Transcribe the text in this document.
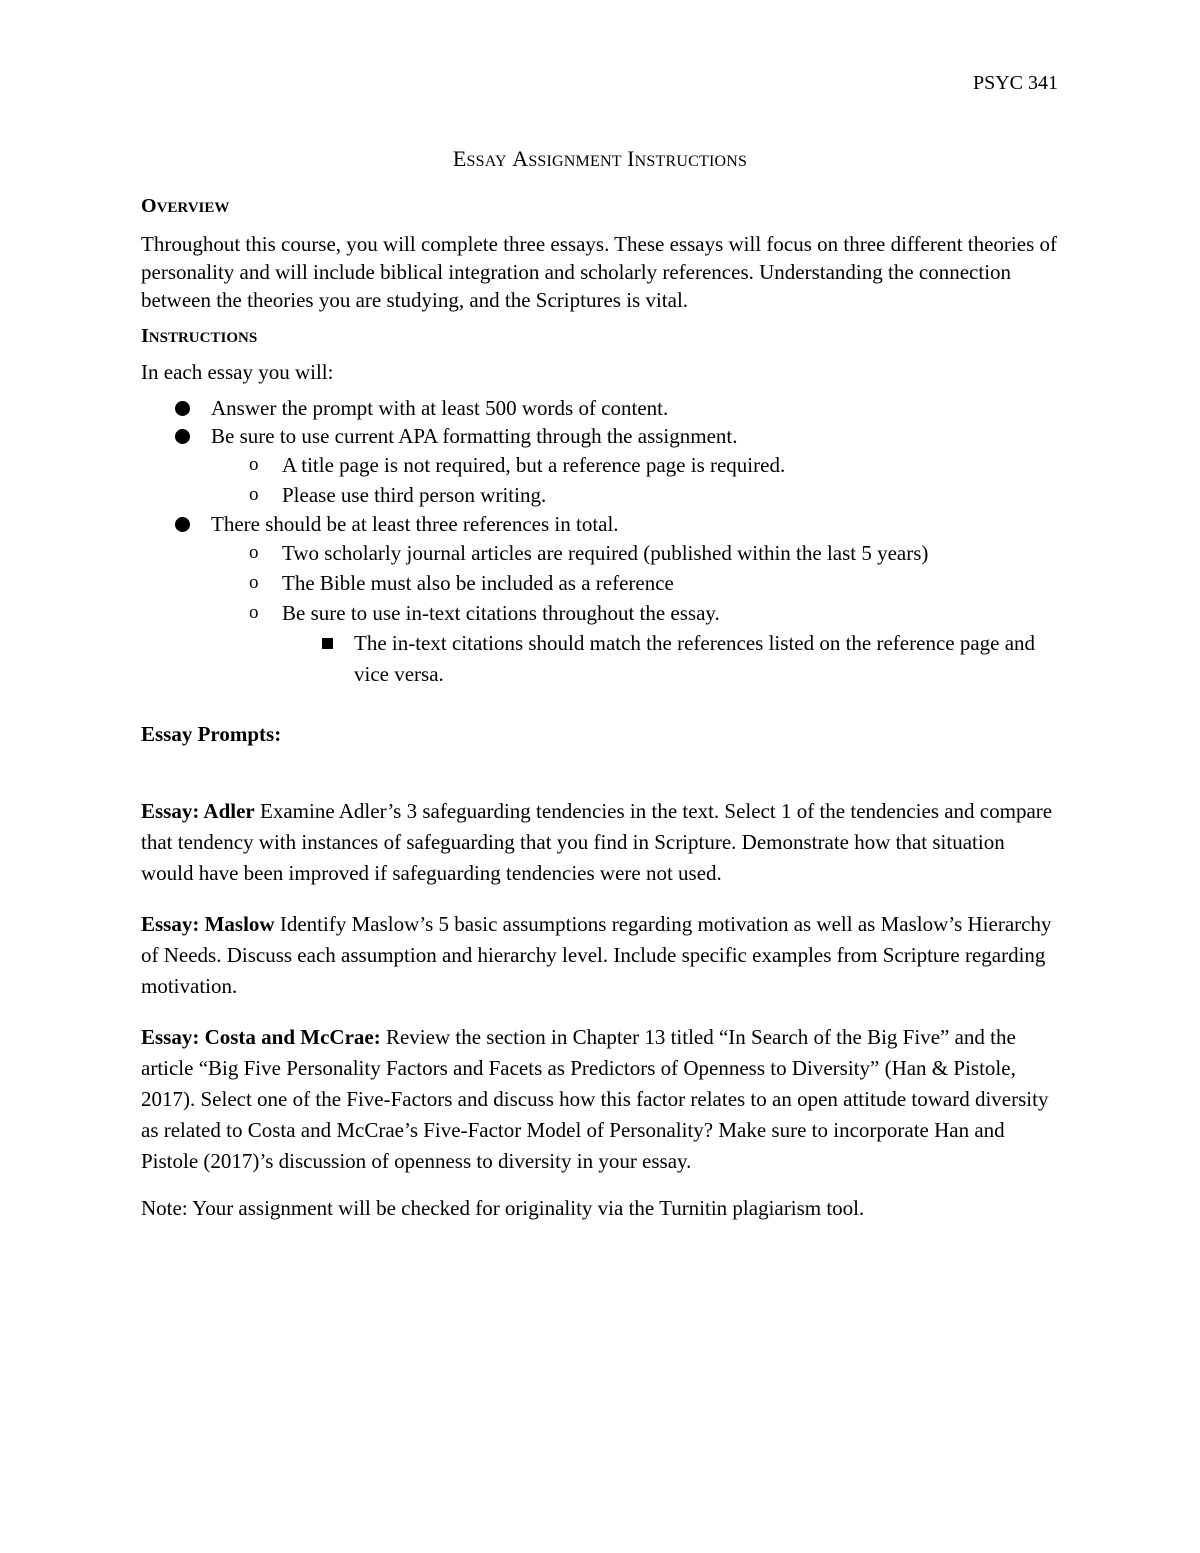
PSYC 341
ESSAY ASSIGNMENT INSTRUCTIONS
OVERVIEW

Throughout this course, you will complete three essays. These essays will focus on three different theories of personality and will include biblical integration and scholarly references. Understanding the connection between the theories you are studying, and the Scriptures is vital.

INSTRUCTIONS

In each essay you will:

Answer the prompt with at least 500 words of content.
Be sure to use current APA formatting through the assignment.
o A title page is not required, but a reference page is required.
o Please use third person writing.
There should be at least three references in total.
o Two scholarly journal articles are required (published within the last 5 years)
o The Bible must also be included as a reference
o Be sure to use in-text citations throughout the essay.
The in-text citations should match the references listed on the reference page and vice versa.

Essay Prompts:

Essay: Adler Examine Adler’s 3 safeguarding tendencies in the text. Select 1 of the tendencies and compare that tendency with instances of safeguarding that you find in Scripture. Demonstrate how that situation would have been improved if safeguarding tendencies were not used.

Essay: Maslow Identify Maslow’s 5 basic assumptions regarding motivation as well as Maslow’s Hierarchy of Needs. Discuss each assumption and hierarchy level. Include specific examples from Scripture regarding motivation.

Essay: Costa and McCrae: Review the section in Chapter 13 titled “In Search of the Big Five” and the article “Big Five Personality Factors and Facets as Predictors of Openness to Diversity” (Han & Pistole, 2017). Select one of the Five-Factors and discuss how this factor relates to an open attitude toward diversity as related to Costa and McCrae’s Five-Factor Model of Personality? Make sure to incorporate Han and Pistole (2017)’s discussion of openness to diversity in your essay.

Note: Your assignment will be checked for originality via the Turnitin plagiarism tool.
